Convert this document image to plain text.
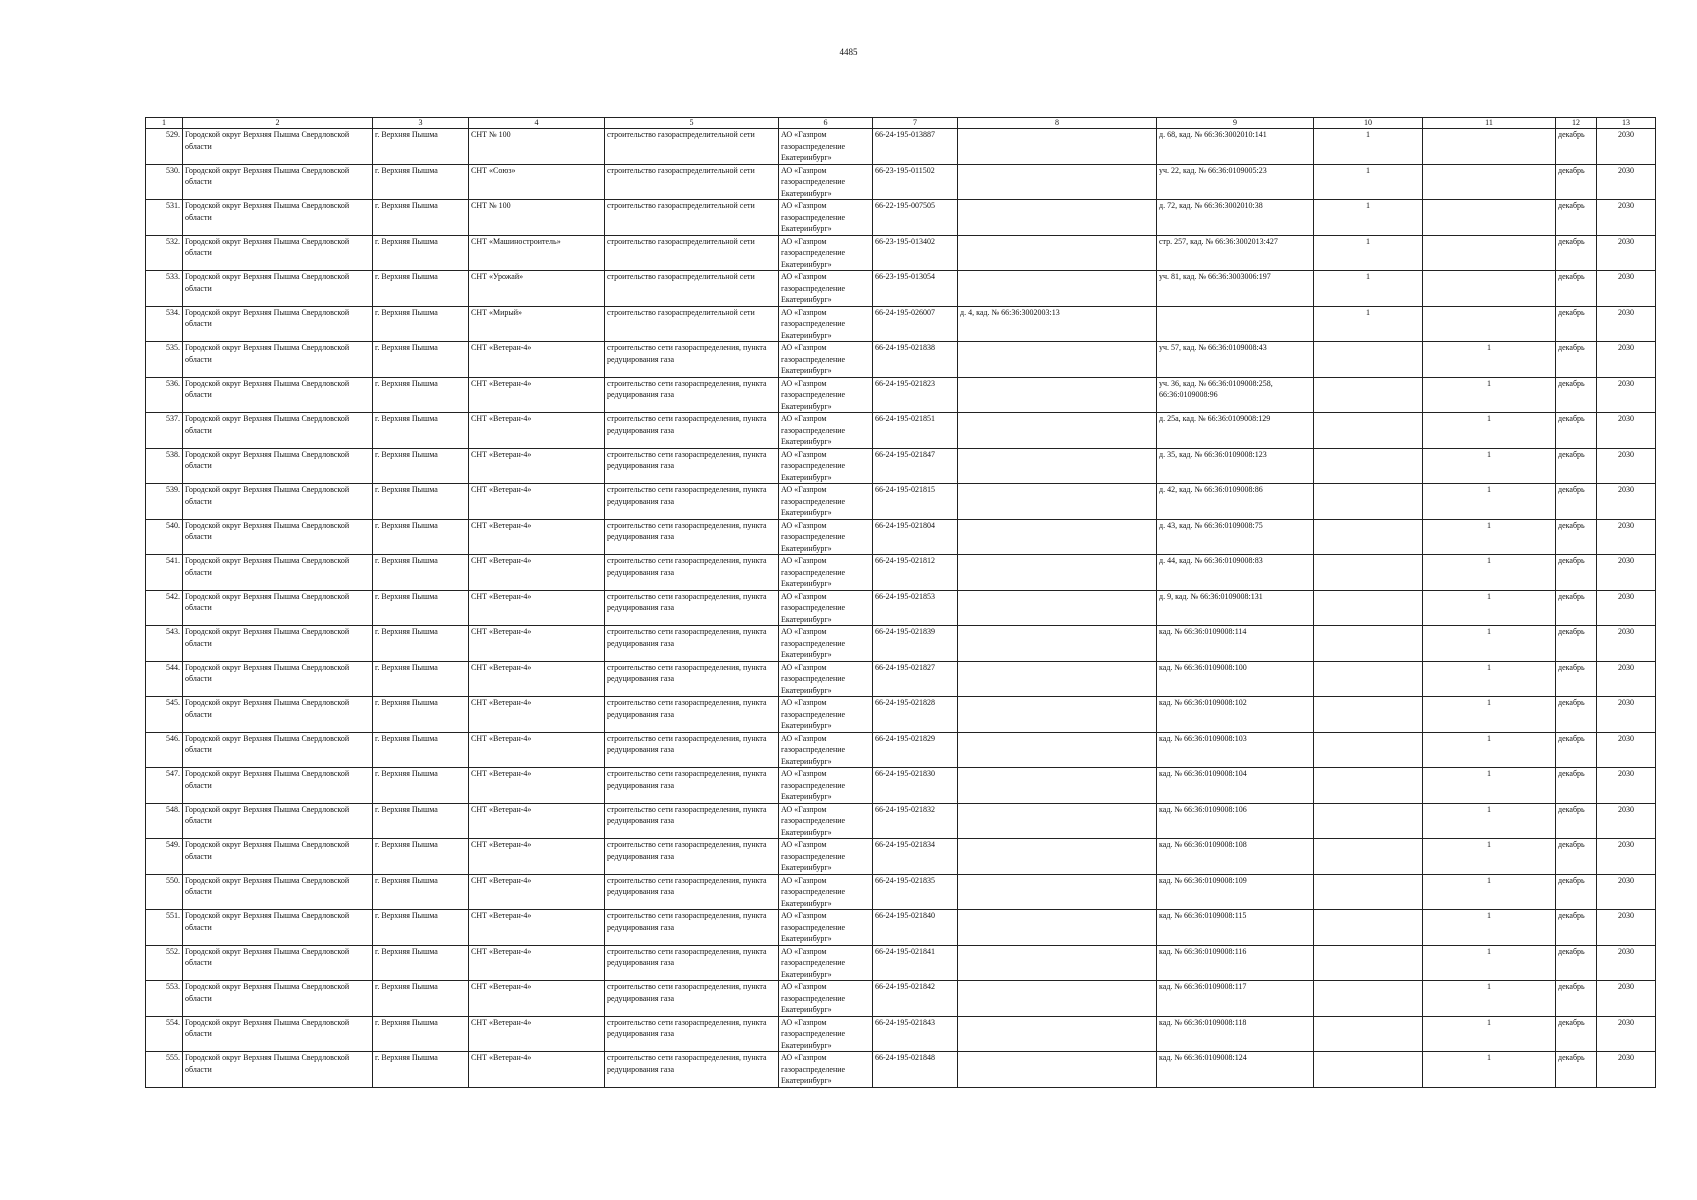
4485
1	2	3	4	5	6	7	8	9	10	11	12	13
529.	Городской округ Верхняя Пышма Свердловской области	г. Верхняя Пышма	СНТ № 100	строительство газораспределительной сети	АО «Газпром газораспределение Екатеринбург»	66-24-195-013887		д. 68, кад. № 66:36:3002010:141	1		декабрь	2030
530.	Городской округ Верхняя Пышма Свердловской области	г. Верхняя Пышма	СНТ «Союз»	строительство газораспределительной сети	АО «Газпром газораспределение Екатеринбург»	66-23-195-011502		уч. 22, кад. № 66:36:0109005:23	1		декабрь	2030
531.	Городской округ Верхняя Пышма Свердловской области	г. Верхняя Пышма	СНТ № 100	строительство газораспределительной сети	АО «Газпром газораспределение Екатеринбург»	66-22-195-007505		д. 72, кад. № 66:36:3002010:38	1		декабрь	2030
532.	Городской округ Верхняя Пышма Свердловской области	г. Верхняя Пышма	СНТ «Машиностроитель»	строительство газораспределительной сети	АО «Газпром газораспределение Екатеринбург»	66-23-195-013402		стр. 257, кад. № 66:36:3002013:427	1		декабрь	2030
533.	Городской округ Верхняя Пышма Свердловской области	г. Верхняя Пышма	СНТ «Урожай»	строительство газораспределительной сети	АО «Газпром газораспределение Екатеринбург»	66-23-195-013054		уч. 81, кад. № 66:36:3003006:197	1		декабрь	2030
534.	Городской округ Верхняя Пышма Свердловской области	г. Верхняя Пышма	СНТ «Мирый»	строительство газораспределительной сети	АО «Газпром газораспределение Екатеринбург»	66-24-195-026007	д. 4, кад. № 66:36:3002003:13		1		декабрь	2030
535.	Городской округ Верхняя Пышма Свердловской области	г. Верхняя Пышма	СНТ «Ветеран-4»	строительство сети газораспределения, пункта редуцирования газа	АО «Газпром газораспределение Екатеринбург»	66-24-195-021838		уч. 57, кад. № 66:36:0109008:43		1	декабрь	2030
536.	Городской округ Верхняя Пышма Свердловской области	г. Верхняя Пышма	СНТ «Ветеран-4»	строительство сети газораспределения, пункта редуцирования газа	АО «Газпром газораспределение Екатеринбург»	66-24-195-021823		уч. 36, кад. № 66:36:0109008:258, 66:36:0109008:96		1	декабрь	2030
537.	Городской округ Верхняя Пышма Свердловской области	г. Верхняя Пышма	СНТ «Ветеран-4»	строительство сети газораспределения, пункта редуцирования газа	АО «Газпром газораспределение Екатеринбург»	66-24-195-021851		д. 25а, кад. № 66:36:0109008:129		1	декабрь	2030
538.	Городской округ Верхняя Пышма Свердловской области	г. Верхняя Пышма	СНТ «Ветеран-4»	строительство сети газораспределения, пункта редуцирования газа	АО «Газпром газораспределение Екатеринбург»	66-24-195-021847		д. 35, кад. № 66:36:0109008:123		1	декабрь	2030
539.	Городской округ Верхняя Пышма Свердловской области	г. Верхняя Пышма	СНТ «Ветеран-4»	строительство сети газораспределения, пункта редуцирования газа	АО «Газпром газораспределение Екатеринбург»	66-24-195-021815		д. 42, кад. № 66:36:0109008:86		1	декабрь	2030
540.	Городской округ Верхняя Пышма Свердловской области	г. Верхняя Пышма	СНТ «Ветеран-4»	строительство сети газораспределения, пункта редуцирования газа	АО «Газпром газораспределение Екатеринбург»	66-24-195-021804		д. 43, кад. № 66:36:0109008:75		1	декабрь	2030
541.	Городской округ Верхняя Пышма Свердловской области	г. Верхняя Пышма	СНТ «Ветеран-4»	строительство сети газораспределения, пункта редуцирования газа	АО «Газпром газораспределение Екатеринбург»	66-24-195-021812		д. 44, кад. № 66:36:0109008:83		1	декабрь	2030
542.	Городской округ Верхняя Пышма Свердловской области	г. Верхняя Пышма	СНТ «Ветеран-4»	строительство сети газораспределения, пункта редуцирования газа	АО «Газпром газораспределение Екатеринбург»	66-24-195-021853		д. 9, кад. № 66:36:0109008:131		1	декабрь	2030
543.	Городской округ Верхняя Пышма Свердловской области	г. Верхняя Пышма	СНТ «Ветеран-4»	строительство сети газораспределения, пункта редуцирования газа	АО «Газпром газораспределение Екатеринбург»	66-24-195-021839		кад. № 66:36:0109008:114		1	декабрь	2030
544.	Городской округ Верхняя Пышма Свердловской области	г. Верхняя Пышма	СНТ «Ветеран-4»	строительство сети газораспределения, пункта редуцирования газа	АО «Газпром газораспределение Екатеринбург»	66-24-195-021827		кад. № 66:36:0109008:100		1	декабрь	2030
545.	Городской округ Верхняя Пышма Свердловской области	г. Верхняя Пышма	СНТ «Ветеран-4»	строительство сети газораспределения, пункта редуцирования газа	АО «Газпром газораспределение Екатеринбург»	66-24-195-021828		кад. № 66:36:0109008:102		1	декабрь	2030
546.	Городской округ Верхняя Пышма Свердловской области	г. Верхняя Пышма	СНТ «Ветеран-4»	строительство сети газораспределения, пункта редуцирования газа	АО «Газпром газораспределение Екатеринбург»	66-24-195-021829		кад. № 66:36:0109008:103		1	декабрь	2030
547.	Городской округ Верхняя Пышма Свердловской области	г. Верхняя Пышма	СНТ «Ветеран-4»	строительство сети газораспределения, пункта редуцирования газа	АО «Газпром газораспределение Екатеринбург»	66-24-195-021830		кад. № 66:36:0109008:104		1	декабрь	2030
548.	Городской округ Верхняя Пышма Свердловской области	г. Верхняя Пышма	СНТ «Ветеран-4»	строительство сети газораспределения, пункта редуцирования газа	АО «Газпром газораспределение Екатеринбург»	66-24-195-021832		кад. № 66:36:0109008:106		1	декабрь	2030
549.	Городской округ Верхняя Пышма Свердловской области	г. Верхняя Пышма	СНТ «Ветеран-4»	строительство сети газораспределения, пункта редуцирования газа	АО «Газпром газораспределение Екатеринбург»	66-24-195-021834		кад. № 66:36:0109008:108		1	декабрь	2030
550.	Городской округ Верхняя Пышма Свердловской области	г. Верхняя Пышма	СНТ «Ветеран-4»	строительство сети газораспределения, пункта редуцирования газа	АО «Газпром газораспределение Екатеринбург»	66-24-195-021835		кад. № 66:36:0109008:109		1	декабрь	2030
551.	Городской округ Верхняя Пышма Свердловской области	г. Верхняя Пышма	СНТ «Ветеран-4»	строительство сети газораспределения, пункта редуцирования газа	АО «Газпром газораспределение Екатеринбург»	66-24-195-021840		кад. № 66:36:0109008:115		1	декабрь	2030
552.	Городской округ Верхняя Пышма Свердловской области	г. Верхняя Пышма	СНТ «Ветеран-4»	строительство сети газораспределения, пункта редуцирования газа	АО «Газпром газораспределение Екатеринбург»	66-24-195-021841		кад. № 66:36:0109008:116		1	декабрь	2030
553.	Городской округ Верхняя Пышма Свердловской области	г. Верхняя Пышма	СНТ «Ветеран-4»	строительство сети газораспределения, пункта редуцирования газа	АО «Газпром газораспределение Екатеринбург»	66-24-195-021842		кад. № 66:36:0109008:117		1	декабрь	2030
554.	Городской округ Верхняя Пышма Свердловской области	г. Верхняя Пышма	СНТ «Ветеран-4»	строительство сети газораспределения, пункта редуцирования газа	АО «Газпром газораспределение Екатеринбург»	66-24-195-021843		кад. № 66:36:0109008:118		1	декабрь	2030
555.	Городской округ Верхняя Пышма Свердловской области	г. Верхняя Пышма	СНТ «Ветеран-4»	строительство сети газораспределения, пункта редуцирования газа	АО «Газпром газораспределение Екатеринбург»	66-24-195-021848		кад. № 66:36:0109008:124		1	декабрь	2030
